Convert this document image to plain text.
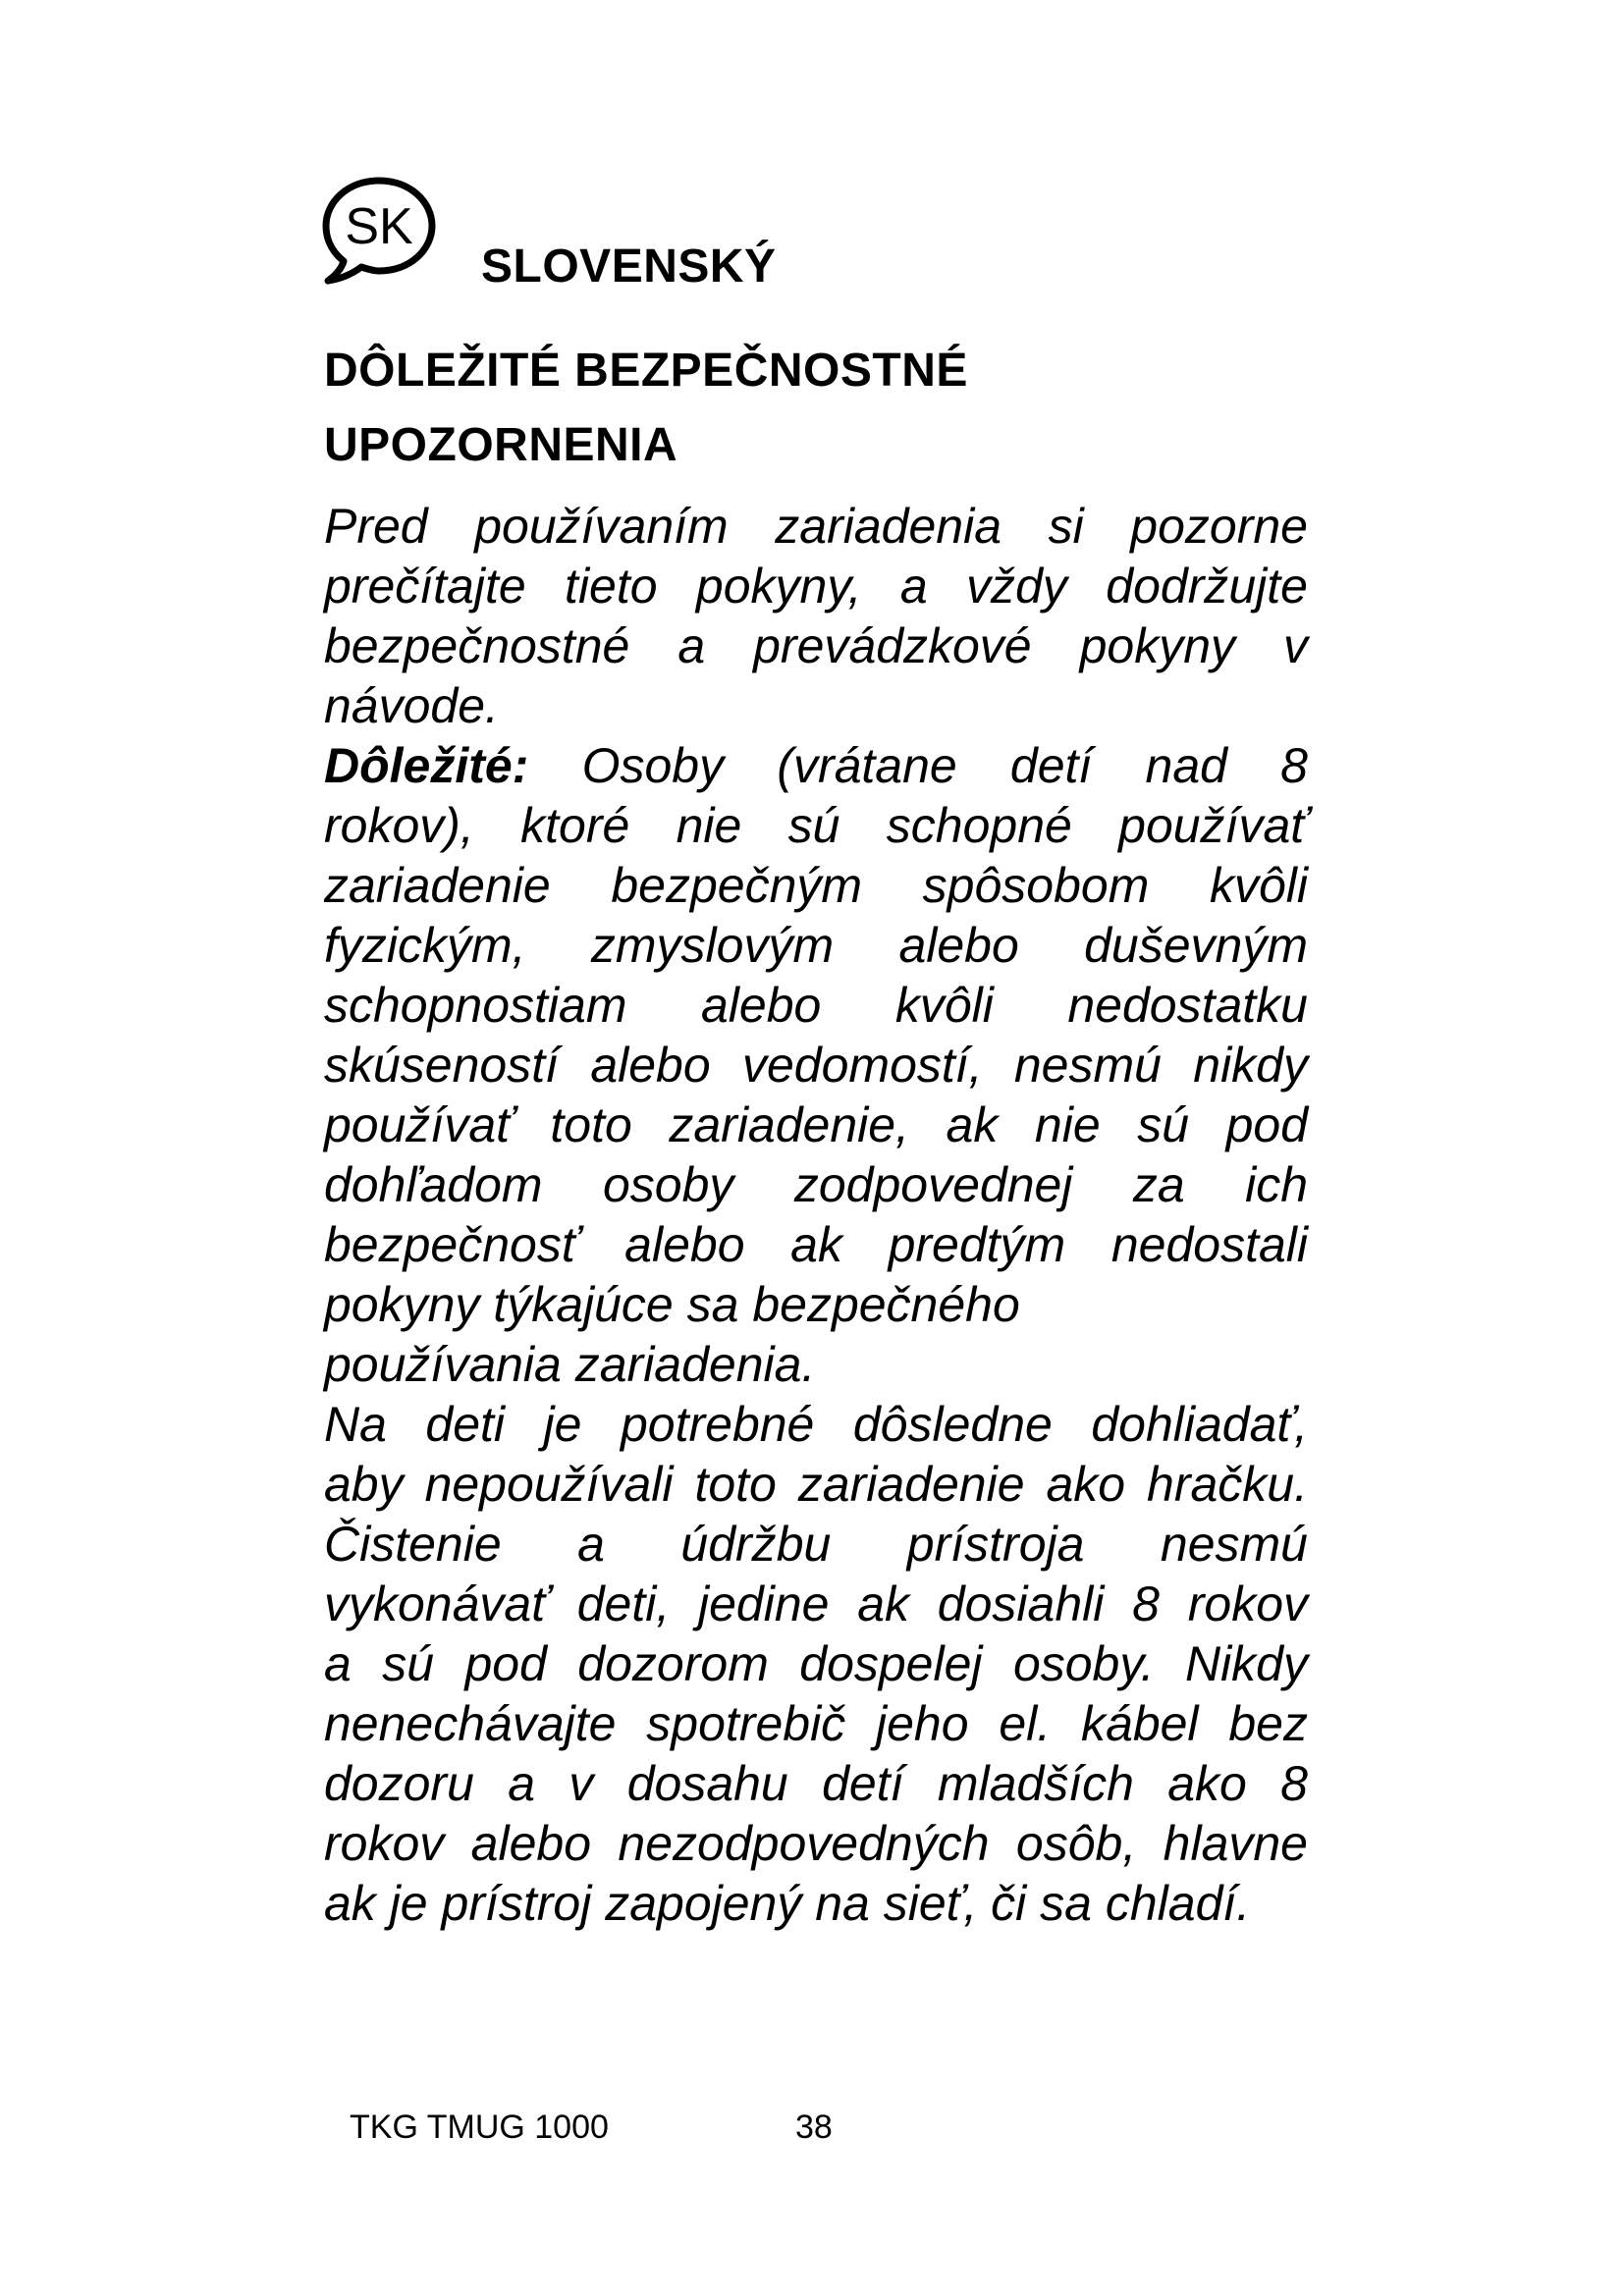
SK
SLOVENSKÝ
DÔLEŽITÉ BEZPEČNOSTNÉ
UPOZORNENIA
Pred používaním zariadenia si pozorne
prečítajte tieto pokyny, a vždy dodržujte
bezpečnostné a prevádzkové pokyny v
návode.
Dôležité: Osoby (vrátane detí nad 8
rokov), ktoré nie sú schopné používať
zariadenie bezpečným spôsobom kvôli
fyzickým, zmyslovým alebo duševným
schopnostiam alebo kvôli nedostatku
skúseností alebo vedomostí, nesmú nikdy
používať toto zariadenie, ak nie sú pod
dohľadom osoby zodpovednej za ich
bezpečnosť alebo ak predtým nedostali
pokyny týkajúce sa bezpečného
používania zariadenia.
Na deti je potrebné dôsledne dohliadať,
aby nepoužívali toto zariadenie ako hračku.
Čistenie a údržbu prístroja nesmú
vykonávať deti, jedine ak dosiahli 8 rokov
a sú pod dozorom dospelej osoby. Nikdy
nenechávajte spotrebič jeho el. kábel bez
dozoru a v dosahu detí mladších ako 8
rokov alebo nezodpovedných osôb, hlavne
ak je prístroj zapojený na sieť, či sa chladí.
TKG TMUG 1000	38
